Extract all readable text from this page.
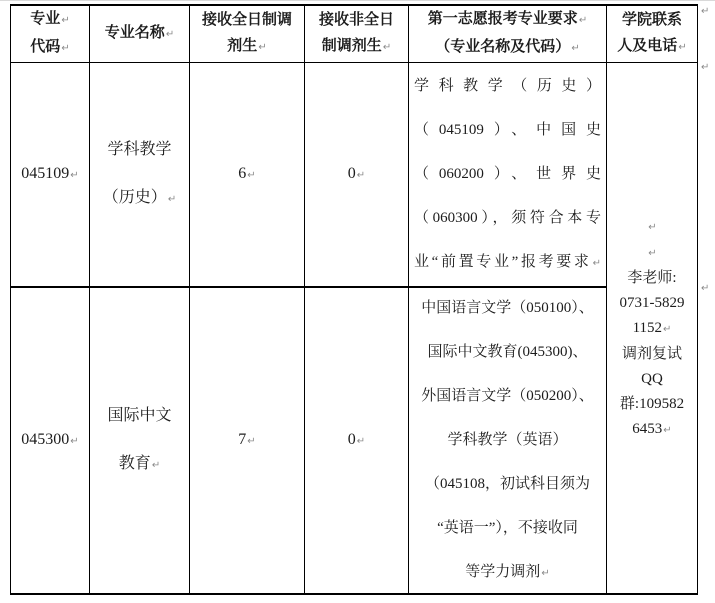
专业 ↵
代码 ↵
专业名称 ↵
接收全日制调
剂生 ↵
接收非全日
制调剂生 ↵
第一志愿报考专业要求 ↵
（专业名称及代码） ↵
学院联系
人及电话 ↵
045109 ↵
学科教学
（历史） ↵
6 ↵	0 ↵
学科教学（历史）
（045109）、中国史
（060200）、世界史
（060300），须符合本专
业“前置专业”报考要求 ↵
↵
↵
李老师:
0731-5829
1152 ↵
调剂复试
QQ
群:109582
6453 ↵
045300 ↵
国际中文
教育 ↵
7 ↵	0 ↵
中国语言文学（050100）、
国际中文教育(045300)、
外国语言文学（050200）、
学科教学（英语）
（045108，初试科目须为
“英语一”），不接收同
等学力调剂 ↵
↵
↵
↵
